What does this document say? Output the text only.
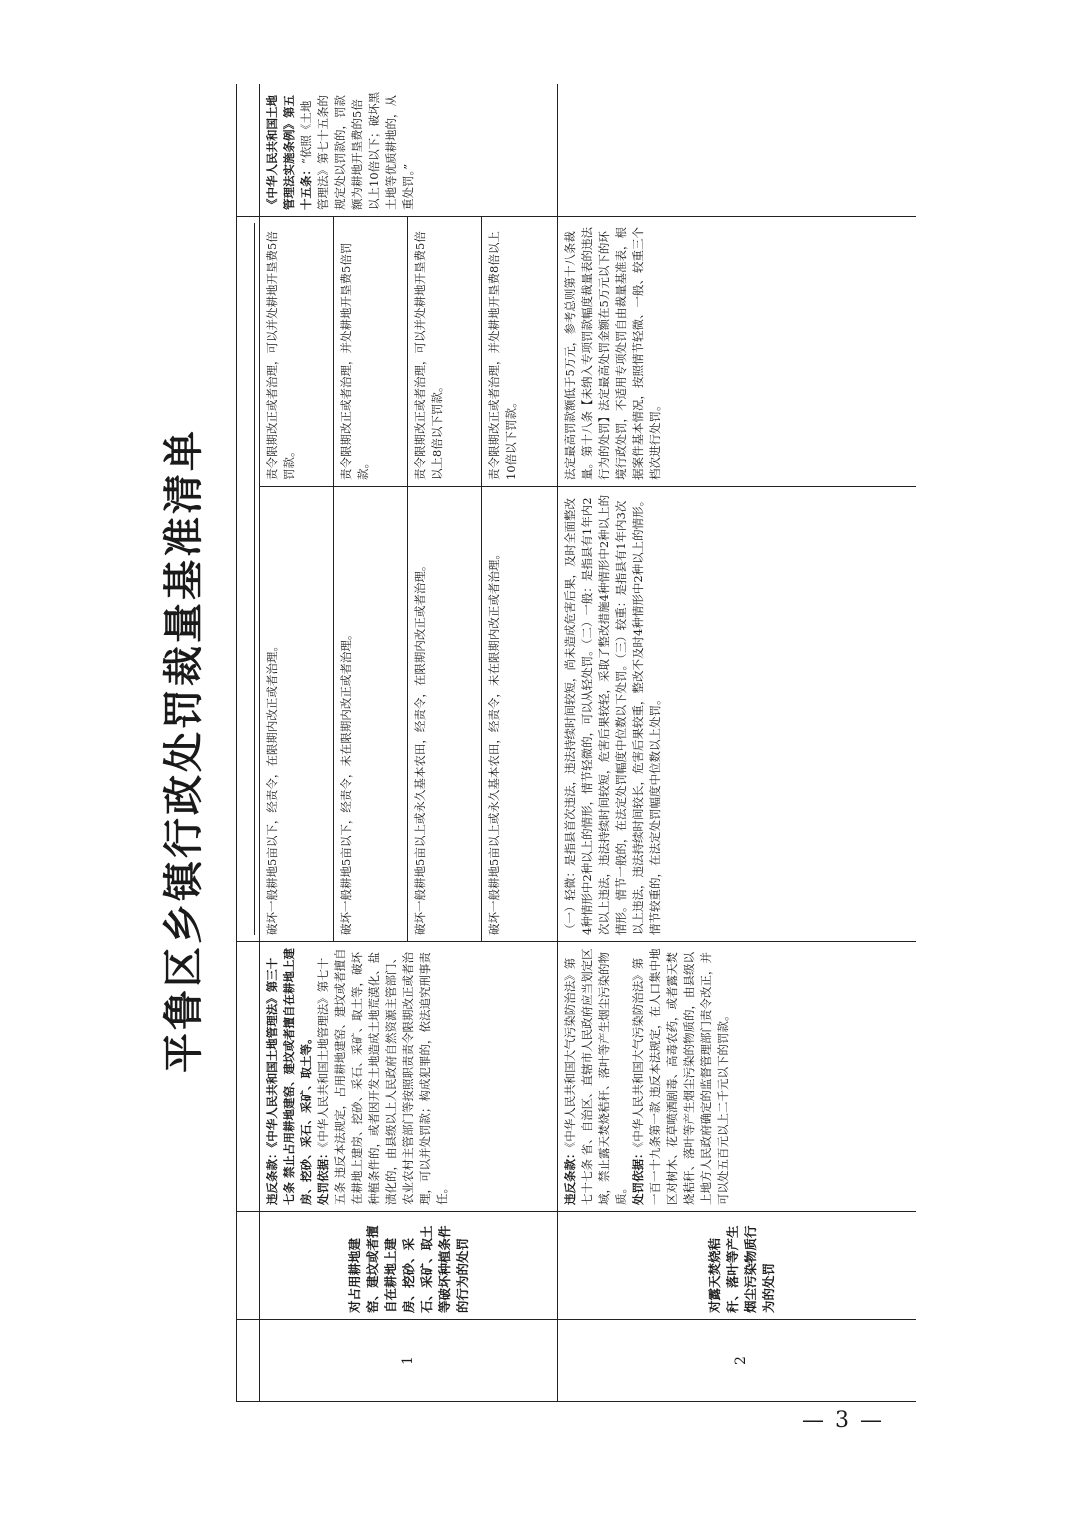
平鲁区乡镇行政处罚裁量基准清单

1	对占用耕地建窑、建坟或者擅自在耕地上建房、挖砂、采石、采矿、取土等破坏种植条件的行为的处罚	违反条款：《中华人民共和国土地管理法》第三十七条 禁止占用耕地建窑、建坟或者擅自在耕地上建房、挖砂、采石、采矿、取土等。 处罚依据：《中华人民共和国土地管理法》第七十五条 违反本法规定，占用耕地建窑、建坟或者擅自在耕地上建房、挖砂、采石、采矿、取土等，破坏种植条件的，或者因开发土地造成土地荒漠化、盐渍化的，由县级以上人民政府自然资源主管部门、农业农村主管部门等按照职责责令限期改正或者治理，可以并处罚款；构成犯罪的，依法追究刑事责任。	破坏一般耕地5亩以下，经责令，在限期内改正或者治理。	责令限期改正或者治理，可以并处耕地开垦费5倍罚款。	《中华人民共和国土地管理法实施条例》第五十五条：“依照《土地管理法》第七十五条的规定处以罚款的，罚款额为耕地开垦费的5倍以上10倍以下；破坏黑土地等优质耕地的，从重处罚。”
			破坏一般耕地5亩以下，经责令，未在限期内改正或者治理。	责令限期改正或者治理，并处耕地开垦费5倍罚款。	
			破坏一般耕地5亩以上或永久基本农田，经责令，在限期内改正或者治理。	责令限期改正或者治理，可以并处耕地开垦费5倍以上8倍以下罚款。	
			破坏一般耕地5亩以上或永久基本农田，经责令，未在限期内改正或者治理。	责令限期改正或者治理，并处耕地开垦费8倍以上10倍以下罚款。	
2	对露天焚烧秸秆、落叶等产生烟尘污染物质行为的处罚	违反条款：《中华人民共和国大气污染防治法》第七十七条 省、自治区、直辖市人民政府应当划定区域，禁止露天焚烧秸秆、落叶等产生烟尘污染的物质。 处罚依据：《中华人民共和国大气污染防治法》第一百一十九条第一款 违反本法规定，在人口集中地区对树木、花草喷洒剧毒、高毒农药，或者露天焚烧秸秆、落叶等产生烟尘污染的物质的，由县级以上地方人民政府确定的监督管理部门责令改正，并可以处五百元以上二千元以下的罚款。	（一）轻微：是指县首次违法，违法持续时间较短，尚未造成危害后果，及时全面整改4种情形中2种以上的情形，情节轻微的，可以从轻处罚。（二）一般：是指县有1年内2次以上违法，违法持续时间较短，危害后果较轻，采取了整改措施4种情形中2种以上的情形。情节一般的，在法定处罚幅度中位数以下处罚。（三）较重：是指县有1年内3次以上违法，违法持续时间较长，危害后果较重，整改不及时4种情形中2种以上的情形。情节较重的，在法定处罚幅度中位数以上处罚。	法定最高罚款额低于5万元，参考总则第十八条裁量。第十八条【未纳入专项罚款幅度裁量表的违法行为的处罚】法定最高处罚金额在5万元以下的环境行政处罚，不适用专项处罚自由裁量基准表，根据案件基本情况，按照情节轻微、一般、较重三个档次进行处罚。	
— 3 —
